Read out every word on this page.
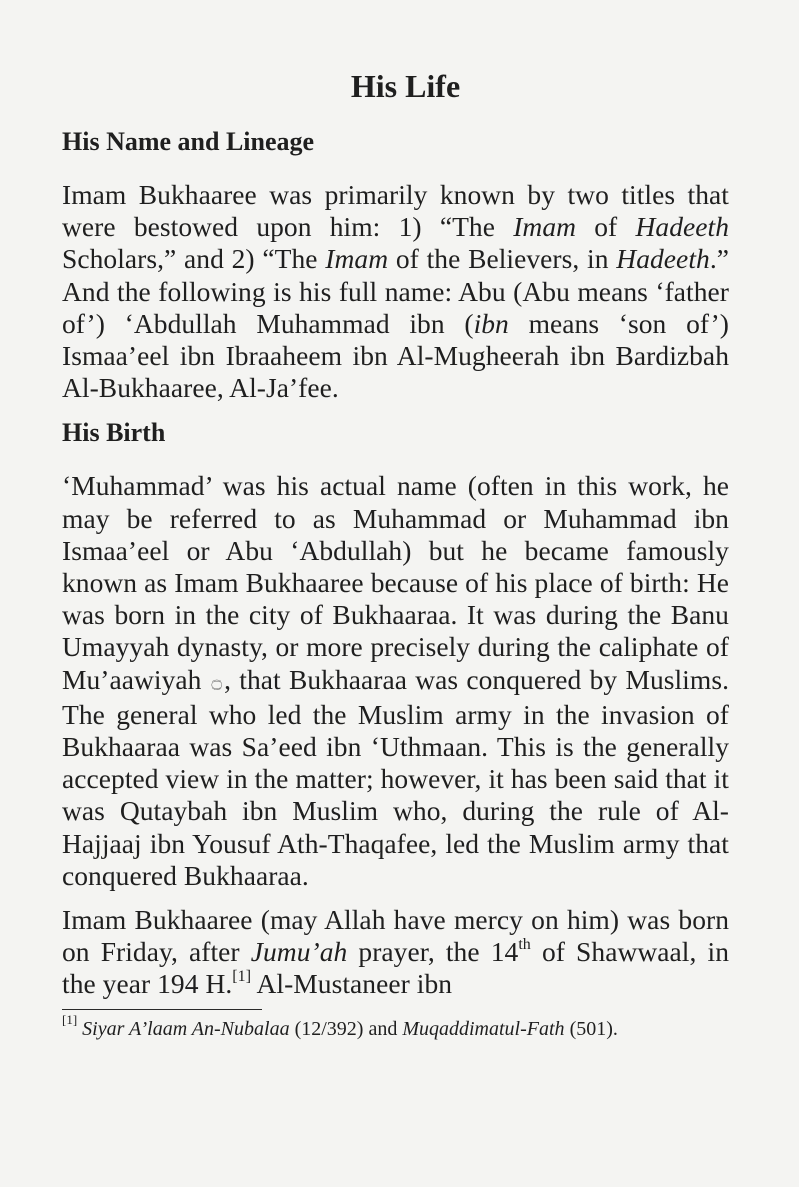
His Life
His Name and Lineage

Imam Bukhaaree was primarily known by two titles that were bestowed upon him: 1) “The Imam of Hadeeth Scholars,” and 2) “The Imam of the Believers, in Hadeeth.” And the following is his full name: Abu (Abu means ‘father of’) ‘Abdullah Muhammad ibn (ibn means ‘son of’) Ismaa’eel ibn Ibraaheem ibn Al-Mugheerah ibn Bardizbah Al-Bukhaaree, Al-Ja’fee.

His Birth

‘Muhammad’ was his actual name (often in this work, he may be referred to as Muhammad or Muhammad ibn Ismaa’eel or Abu ‘Abdullah) but he became famously known as Imam Bukhaaree because of his place of birth: He was born in the city of Bukhaaraa. It was during the Banu Umayyah dynasty, or more precisely during the caliphate of Mu’aawiyah ۝, that Bukhaaraa was conquered by Muslims. The general who led the Muslim army in the invasion of Bukhaaraa was Sa’eed ibn ‘Uthmaan. This is the generally accepted view in the matter; however, it has been said that it was Qutaybah ibn Muslim who, during the rule of Al-Hajjaaj ibn Yousuf Ath-Thaqafee, led the Muslim army that conquered Bukhaaraa.

Imam Bukhaaree (may Allah have mercy on him) was born on Friday, after Jumu’ah prayer, the 14th of Shawwaal, in the year 194 H.[1] Al-Mustaneer ibn

[1] Siyar A’laam An-Nubalaa (12/392) and Muqaddimatul-Fath (501).
